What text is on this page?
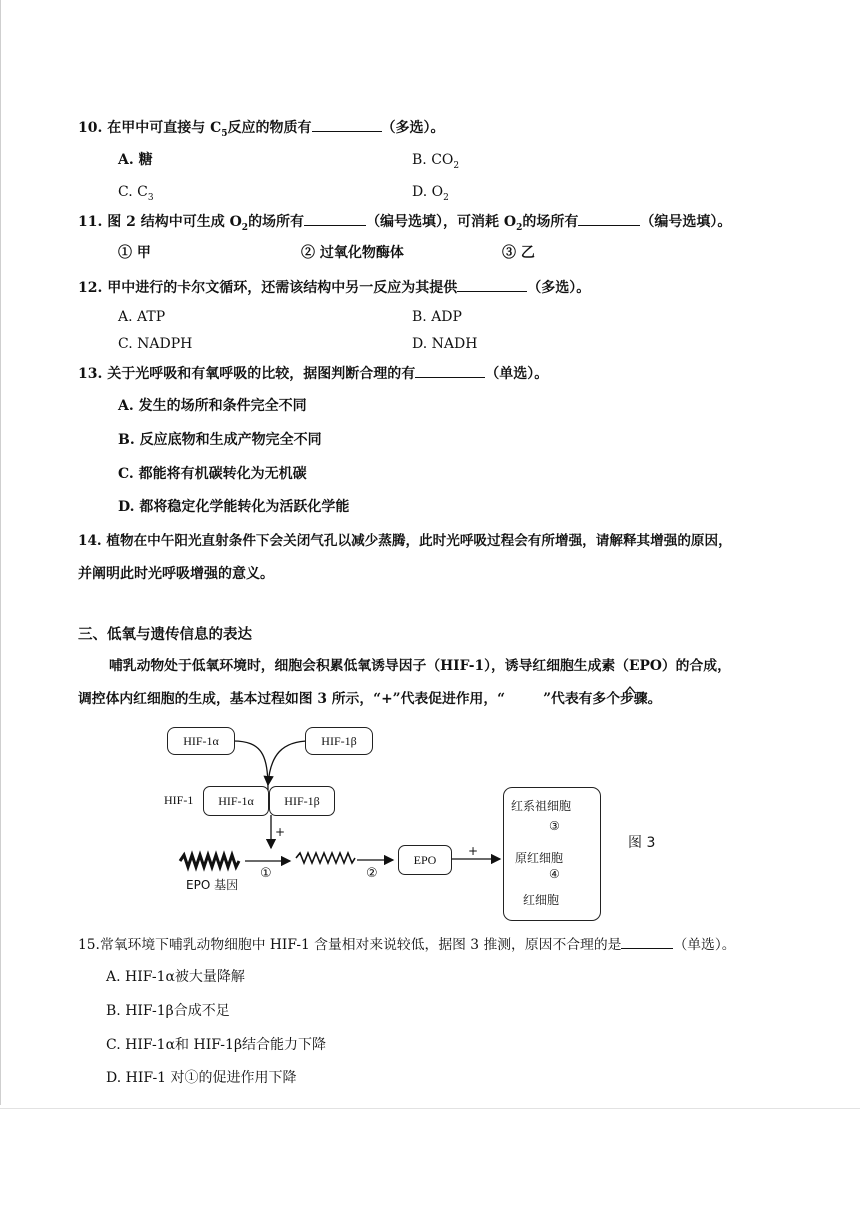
10. 在甲中可直接与 $C_5$反应的物质有	（多选）。
A. 糖	B. $CO_2$
C. $C_3$	D. $O_2$
11. 图 2 结构中可生成 $O_2$的场所有	（编号选填），可消耗 $O_2$的场所有	（编号选填）。
① 甲	② 过氧化物酶体	③ 乙
12. 甲中进行的卡尔文循环，还需该结构中另一反应为其提供	（多选）。
A. ATP	B. ADP
C. NADPH	D. NADH
13. 关于光呼吸和有氧呼吸的比较，据图判断合理的有	（单选）。
A. 发生的场所和条件完全不同
B. 反应底物和生成产物完全不同
C. 都能将有机碳转化为无机碳
D. 都将稳定化学能转化为活跃化学能
14. 植物在中午阳光直射条件下会关闭气孔以减少蒸腾，此时光呼吸过程会有所增强，请解释其增强的原因，
并阐明此时光呼吸增强的意义。
三、低氧与遗传信息的表达
哺乳动物处于低氧环境时，细胞会积累低氧诱导因子（HIF-1），诱导红细胞生成素（EPO）的合成，
调控体内红细胞的生成，基本过程如图 3 所示，“+”代表促进作用，“	”代表有多个步骤。
HIF-1α	HIF-1β
HIF-1 HIF-1α	HIF-1β
+
+
EPO 基因
①	②
EPO
红系祖细胞
③
原红细胞
④
红细胞
图 3
15.常氧环境下哺乳动物细胞中 HIF-1 含量相对来说较低，据图 3 推测，原因不合理的是	（单选）。
A. HIF-1α被大量降解
B. HIF-1β合成不足
C. HIF-1α和 HIF-1β结合能力下降
D. HIF-1 对①的促进作用下降
